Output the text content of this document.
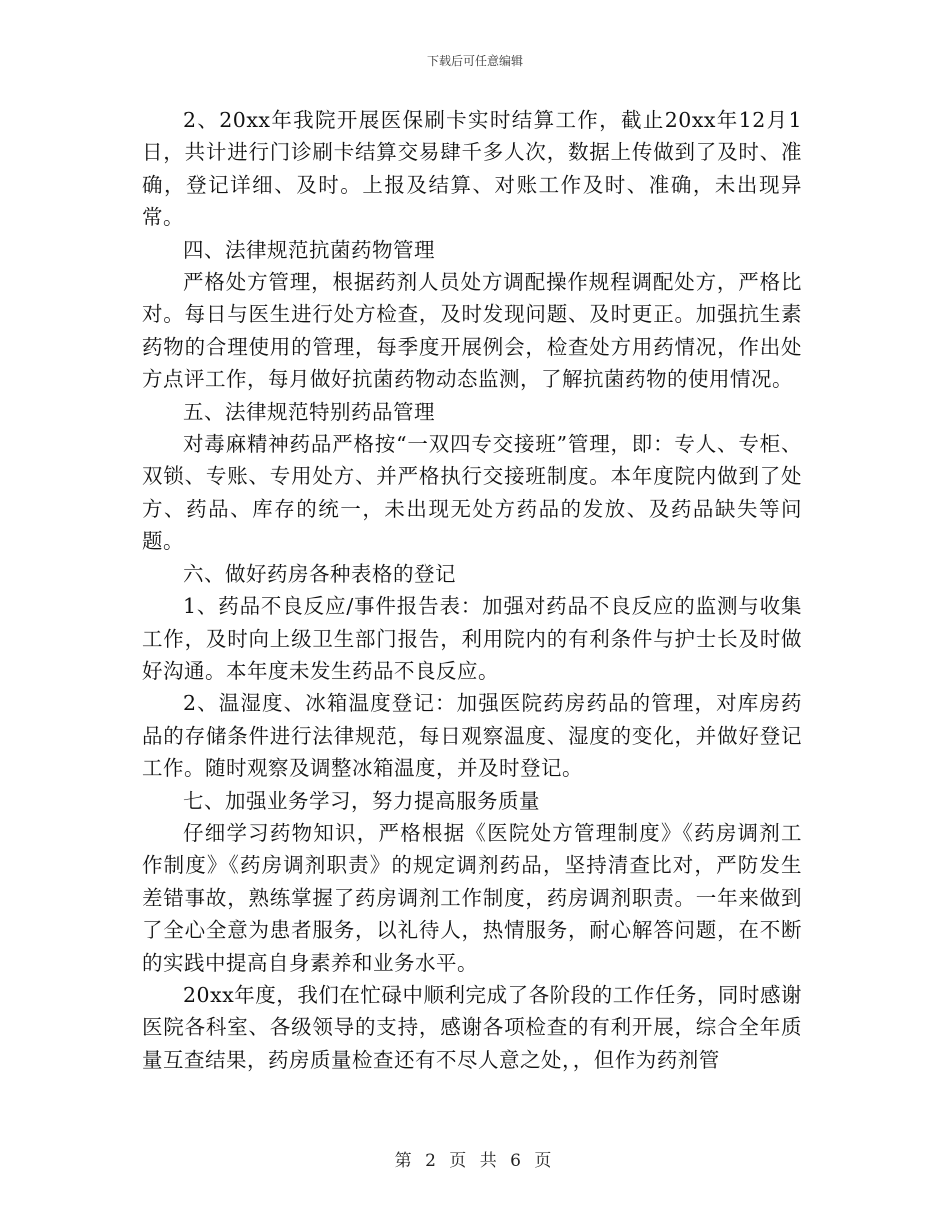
下载后可任意编辑

2、20xx年我院开展医保刷卡实时结算工作，截止20xx年12月1日，共计进行门诊刷卡结算交易肆千多人次，数据上传做到了及时、准确，登记详细、及时。上报及结算、对账工作及时、准确，未出现异常。

四、法律规范抗菌药物管理

严格处方管理，根据药剂人员处方调配操作规程调配处方，严格比对。每日与医生进行处方检查，及时发现问题、及时更正。加强抗生素药物的合理使用的管理，每季度开展例会，检查处方用药情况，作出处方点评工作，每月做好抗菌药物动态监测，了解抗菌药物的使用情况。

五、法律规范特别药品管理

对毒麻精神药品严格按“一双四专交接班”管理，即：专人、专柜、双锁、专账、专用处方、并严格执行交接班制度。本年度院内做到了处方、药品、库存的统一，未出现无处方药品的发放、及药品缺失等问题。

六、做好药房各种表格的登记

1、药品不良反应/事件报告表：加强对药品不良反应的监测与收集工作，及时向上级卫生部门报告，利用院内的有利条件与护士长及时做好沟通。本年度未发生药品不良反应。

2、温湿度、冰箱温度登记：加强医院药房药品的管理，对库房药品的存储条件进行法律规范，每日观察温度、湿度的变化，并做好登记工作。随时观察及调整冰箱温度，并及时登记。

七、加强业务学习，努力提高服务质量

仔细学习药物知识，严格根据《医院处方管理制度》《药房调剂工作制度》《药房调剂职责》的规定调剂药品，坚持清查比对，严防发生差错事故，熟练掌握了药房调剂工作制度，药房调剂职责。一年来做到了全心全意为患者服务，以礼待人，热情服务，耐心解答问题，在不断的实践中提高自身素养和业务水平。

20xx年度，我们在忙碌中顺利完成了各阶段的工作任务，同时感谢医院各科室、各级领导的支持，感谢各项检查的有利开展，综合全年质量互查结果，药房质量检查还有不尽人意之处，，但作为药剂管

第 2 页 共 6 页
